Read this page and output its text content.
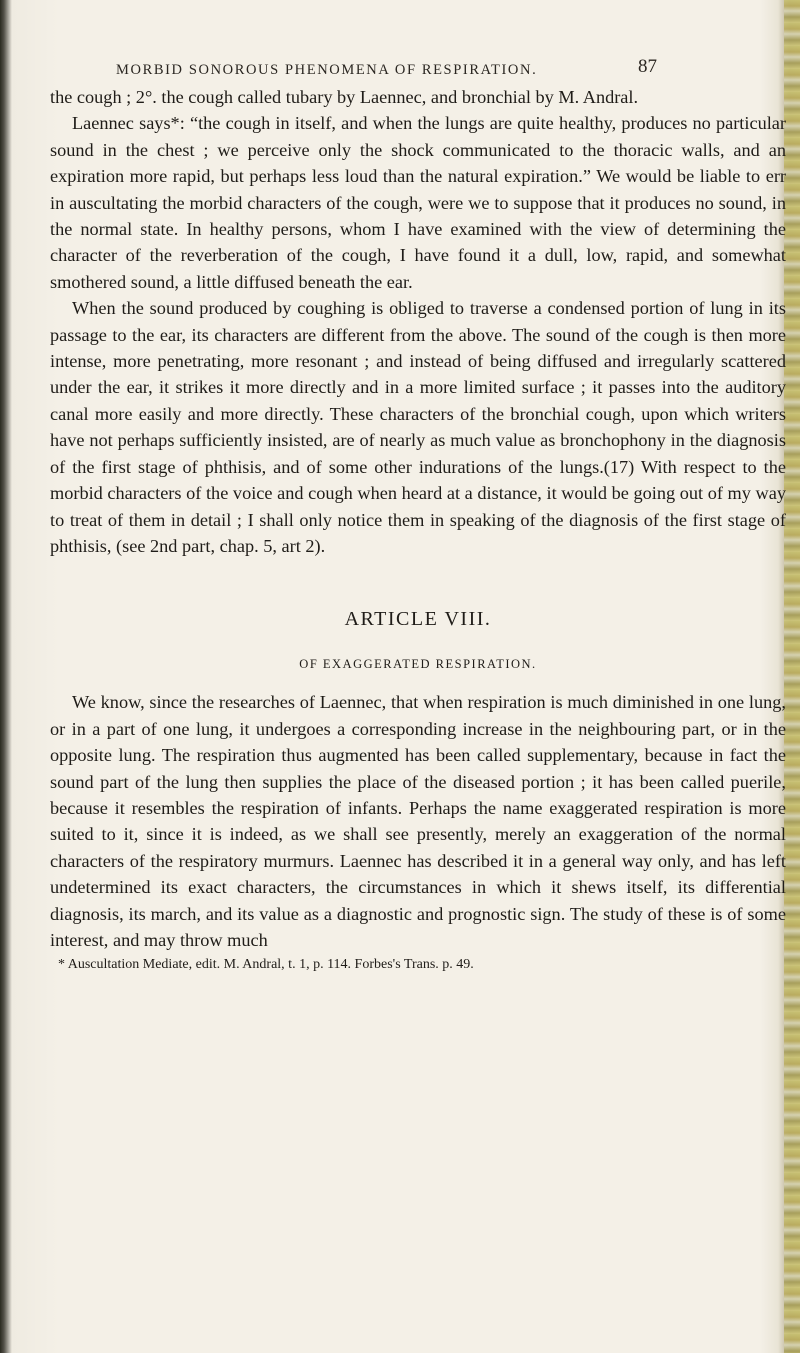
MORBID SONOROUS PHENOMENA OF RESPIRATION.	87

the cough ; 2°. the cough called tubary by Laennec, and bronchial by M. Andral.

Laennec says*: “the cough in itself, and when the lungs are quite healthy, produces no particular sound in the chest ; we perceive only the shock communicated to the thoracic walls, and an expiration more rapid, but perhaps less loud than the natural expiration.” We would be liable to err in auscultating the morbid characters of the cough, were we to suppose that it produces no sound, in the normal state. In healthy persons, whom I have examined with the view of determining the character of the reverberation of the cough, I have found it a dull, low, rapid, and somewhat smothered sound, a little diffused beneath the ear.

When the sound produced by coughing is obliged to traverse a condensed portion of lung in its passage to the ear, its characters are different from the above. The sound of the cough is then more intense, more penetrating, more resonant ; and instead of being diffused and irregularly scattered under the ear, it strikes it more directly and in a more limited surface ; it passes into the auditory canal more easily and more directly. These characters of the bronchial cough, upon which writers have not perhaps sufficiently insisted, are of nearly as much value as bronchophony in the diagnosis of the first stage of phthisis, and of some other indurations of the lungs.(17) With respect to the morbid characters of the voice and cough when heard at a distance, it would be going out of my way to treat of them in detail ; I shall only notice them in speaking of the diagnosis of the first stage of phthisis, (see 2nd part, chap. 5, art 2).

ARTICLE VIII.
OF EXAGGERATED RESPIRATION.

We know, since the researches of Laennec, that when respiration is much diminished in one lung, or in a part of one lung, it undergoes a corresponding increase in the neighbouring part, or in the opposite lung. The respiration thus augmented has been called supplementary, because in fact the sound part of the lung then supplies the place of the diseased portion ; it has been called puerile, because it resembles the respiration of infants. Perhaps the name exaggerated respiration is more suited to it, since it is indeed, as we shall see presently, merely an exaggeration of the normal characters of the respiratory murmurs. Laennec has described it in a general way only, and has left undetermined its exact characters, the circumstances in which it shews itself, its differential diagnosis, its march, and its value as a diagnostic and prognostic sign. The study of these is of some interest, and may throw much

* Auscultation Mediate, edit. M. Andral, t. 1, p. 114. Forbes's Trans. p. 49.
